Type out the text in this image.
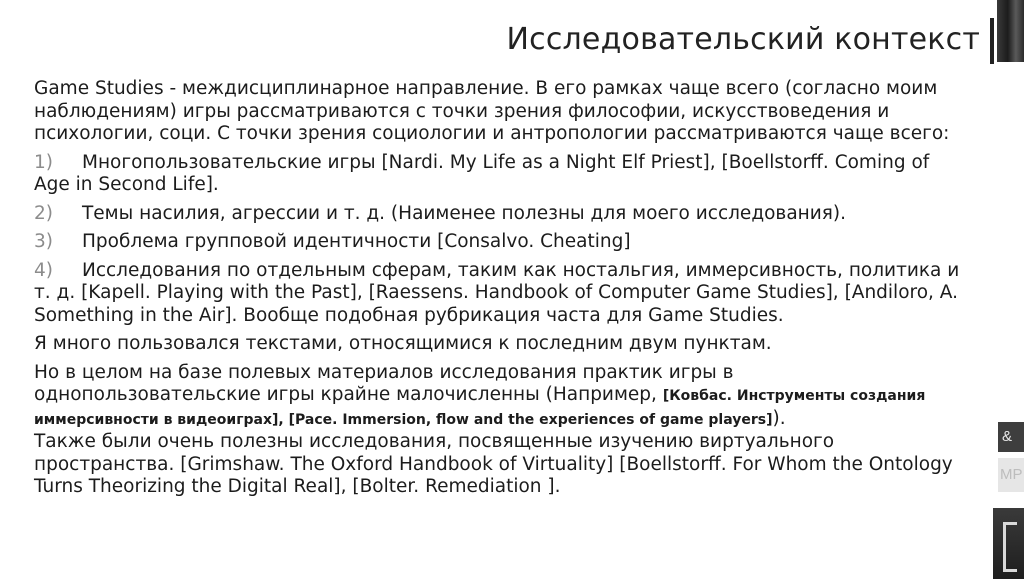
Исследовательский контекст

Game Studies - междисциплинарное направление. В его рамках чаще всего (согласно моим наблюдениям) игры рассматриваются с точки зрения философии, искусствоведения и психологии, соци. С точки зрения социологии и антропологии рассматриваются чаще всего:

1) Многопользовательские игры [Nardi. My Life as a Night Elf Priest], [Boellstorff. Coming of Age in Second Life].
2) Темы насилия, агрессии и т. д. (Наименее полезны для моего исследования).
3) Проблема групповой идентичности [Consalvo. Cheating]
4) Исследования по отдельным сферам, таким как ностальгия, иммерсивность, политика и т. д. [Kapell. Playing with the Past], [Raessens. Handbook of Computer Game Studies], [Andiloro, A. Something in the Air]. Вообще подобная рубрикация часта для Game Studies.

Я много пользовался текстами, относящимися к последним двум пунктам.

Но в целом на базе полевых материалов исследования практик игры в однопользовательские игры крайне малочисленны (Например, [Ковбас. Инструменты создания иммерсивности в видеоиграх], [Pace. Immersion, flow and the experiences of game players]).

Также были очень полезны исследования, посвященные изучению виртуального пространства. [Grimshaw. The Oxford Handbook of Virtuality] [Boellstorff. For Whom the Ontology Turns Theorizing the Digital Real], [Bolter. Remediation ].

&
MP
